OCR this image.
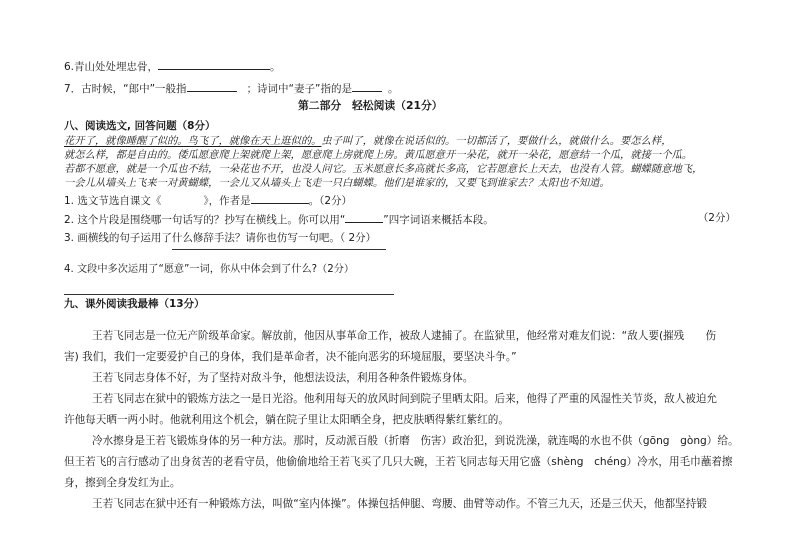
6.青山处处埋忠骨，	。
7．古时候，“郎中”一般指	；诗词中“妻子”指的是	。
第二部分　轻松阅读（21分）
八、阅读选文, 回答问题（8分）
花开了，就像睡醒了似的。鸟飞了，就像在天上逛似的。虫子叫了，就像在说话似的。一切都活了，要做什么，就做什么。要怎么样，
就怎么样，都是自由的。倭瓜愿意爬上架就爬上架，愿意爬上房就爬上房。黄瓜愿意开一朵花，就开一朵花，愿意结一个瓜，就接一个瓜。
若都不愿意，就是一个瓜也不结，一朵花也不开，也没人问它。玉米愿意长多高就长多高，它若愿意长上天去，也没有人管。蝴蝶随意地飞，
一会儿从墙头上飞来一对黄蝴蝶，一会儿又从墙头上飞走一只白蝴蝶。他们是谁家的，又要飞到谁家去？太阳也不知道。
1. 选文节选自课文《	》，作者是	。（2分）
2. 这个片段是围绕哪一句话写的？抄写在横线上。你可以用“	”四字词语来概括本段。	（2分）
3. 画横线的句子运用了什么修辞手法？请你也仿写一句吧。（ 2分）
4. 文段中多次运用了“愿意”一词，你从中体会到了什么?（2分）
九、课外阅读我最棒（13分）
王若飞同志是一位无产阶级革命家。解放前，他因从事革命工作，被敌人逮捕了。在监狱里，他经常对难友们说：“敌人要(摧残　　伤
害) 我们，我们一定要爱护自己的身体，我们是革命者，决不能向恶劣的环境屈服，要坚决斗争。”
王若飞同志身体不好，为了坚持对敌斗争，他想法设法，利用各种条件锻炼身体。
王若飞同志在狱中的锻炼方法之一是日光浴。他利用每天的放风时间到院子里晒太阳。后来，他得了严重的风湿性关节炎，敌人被迫允
许他每天晒一两小时。他就利用这个机会，躺在院子里让太阳晒全身，把皮肤晒得紫红紫红的。
冷水擦身是王若飞锻炼身体的另一种方法。那时，反动派百般（折磨　伤害）政治犯，到说洗澡，就连喝的水也不供（gōng　gòng）给。
但王若飞的言行感动了出身贫苦的老看守员，他偷偷地给王若飞买了几只大碗，王若飞同志每天用它盛（shèng　chéng）冷水，用毛巾蘸着擦
身，擦到全身发红为止。
王若飞同志在狱中还有一种锻炼方法，叫做“室内体操”。体操包括伸腿、弯腰、曲臂等动作。不管三九天，还是三伏天，他都坚持锻
